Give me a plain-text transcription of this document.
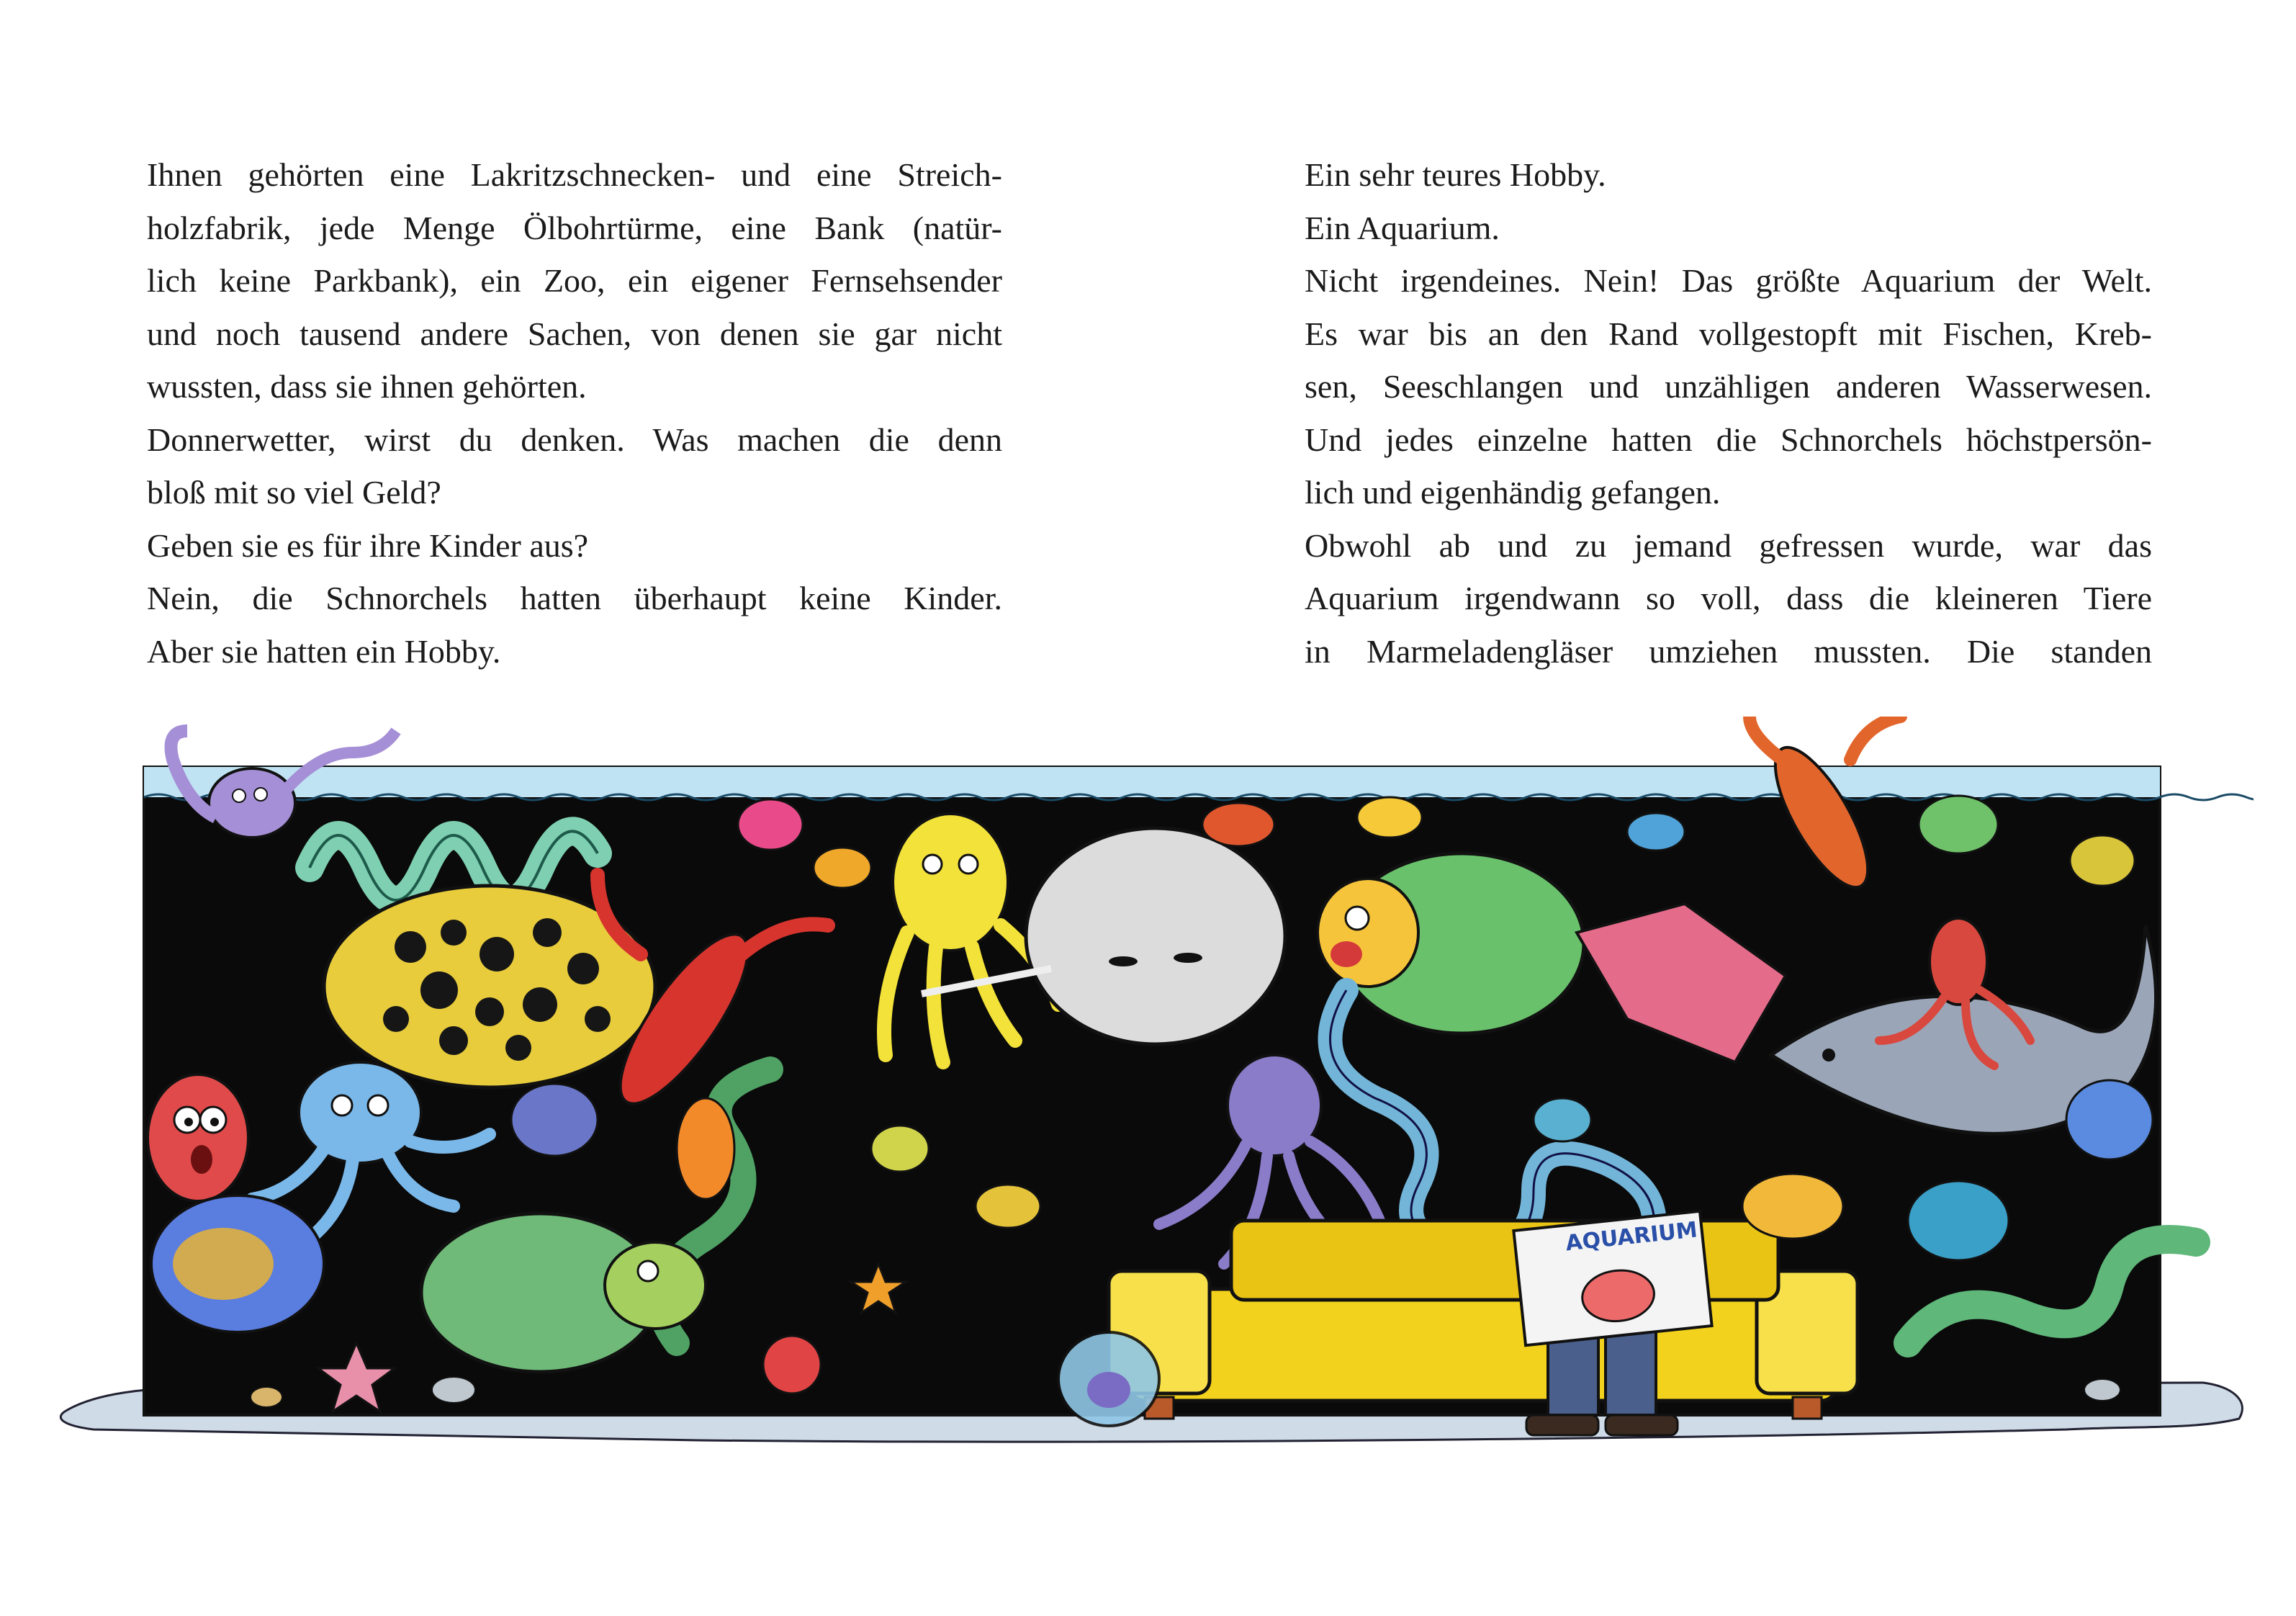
Ihnen gehörten eine Lakritzschnecken- und eine Streich-
holzfabrik, jede Menge Ölbohrtürme, eine Bank (natür-
lich keine Parkbank), ein Zoo, ein eigener Fernsehsender
und noch tausend andere Sachen, von denen sie gar nicht
wussten, dass sie ihnen gehörten.
Donnerwetter, wirst du denken. Was machen die denn
bloß mit so viel Geld?
Geben sie es für ihre Kinder aus?
Nein, die Schnorchels hatten überhaupt keine Kinder.
Aber sie hatten ein Hobby.
Ein sehr teures Hobby.
Ein Aquarium.
Nicht irgendeines. Nein! Das größte Aquarium der Welt.
Es war bis an den Rand vollgestopft mit Fischen, Kreb-
sen, Seeschlangen und unzähligen anderen Wasserwesen.
Und jedes einzelne hatten die Schnorchels höchstpersön-
lich und eigenhändig gefangen.
Obwohl ab und zu jemand gefressen wurde, war das
Aquarium irgendwann so voll, dass die kleineren Tiere
in Marmeladengläser umziehen mussten. Die standen
AQUARIUM
